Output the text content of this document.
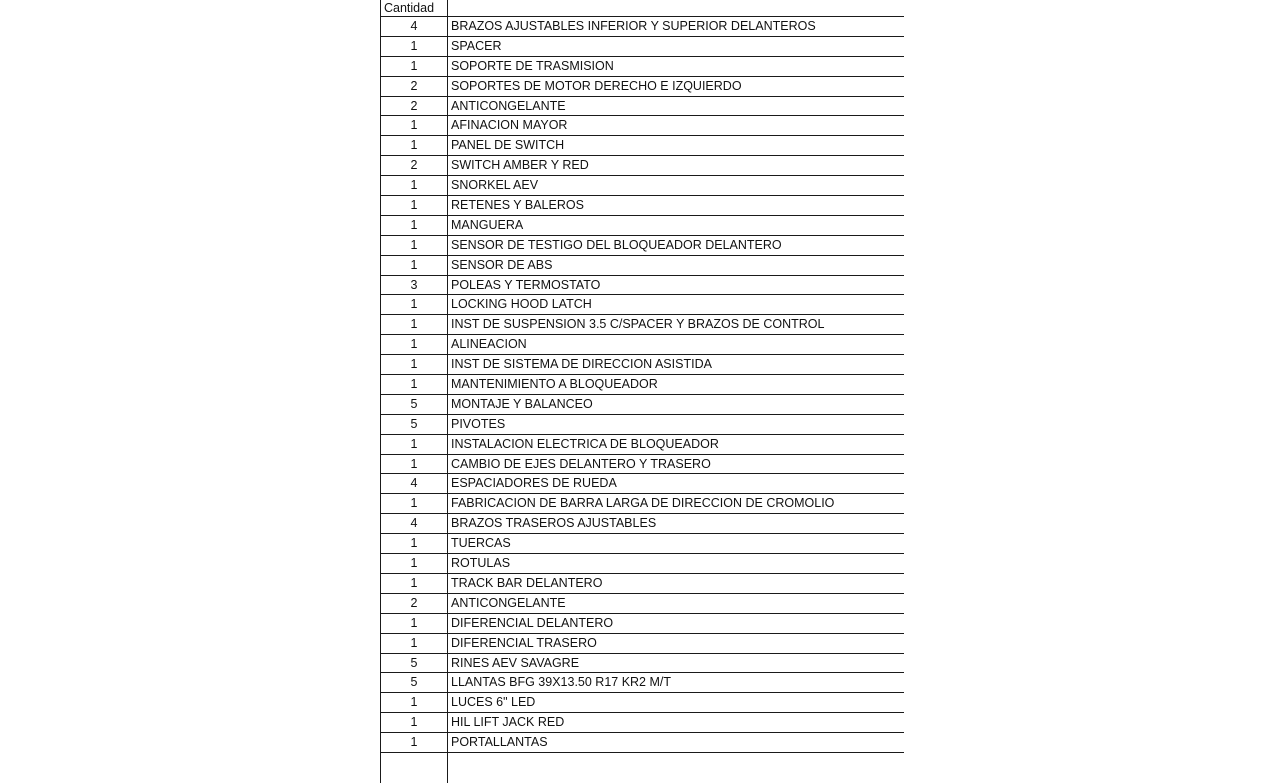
Cantidad
4	BRAZOS AJUSTABLES INFERIOR Y SUPERIOR DELANTEROS
1	SPACER
1	SOPORTE DE TRASMISION
2	SOPORTES DE MOTOR DERECHO E IZQUIERDO
2	ANTICONGELANTE
1	AFINACION MAYOR
1	PANEL DE SWITCH
2	SWITCH AMBER Y RED
1	SNORKEL AEV
1	RETENES Y BALEROS
1	MANGUERA
1	SENSOR DE TESTIGO DEL BLOQUEADOR DELANTERO
1	SENSOR DE ABS
3	POLEAS Y TERMOSTATO
1	LOCKING HOOD LATCH
1	INST DE SUSPENSION 3.5 C/SPACER Y BRAZOS DE CONTROL
1	ALINEACION
1	INST DE SISTEMA DE DIRECCION ASISTIDA
1	MANTENIMIENTO A BLOQUEADOR
5	MONTAJE Y BALANCEO
5	PIVOTES
1	INSTALACION ELECTRICA DE BLOQUEADOR
1	CAMBIO DE EJES DELANTERO Y TRASERO
4	ESPACIADORES DE RUEDA
1	FABRICACION DE BARRA LARGA DE DIRECCION DE CROMOLIO
4	BRAZOS TRASEROS AJUSTABLES
1	TUERCAS
1	ROTULAS
1	TRACK BAR DELANTERO
2	ANTICONGELANTE
1	DIFERENCIAL DELANTERO
1	DIFERENCIAL TRASERO
5	RINES AEV SAVAGRE
5	LLANTAS BFG 39X13.50 R17 KR2 M/T
1	LUCES 6" LED
1	HIL LIFT JACK RED
1	PORTALLANTAS
